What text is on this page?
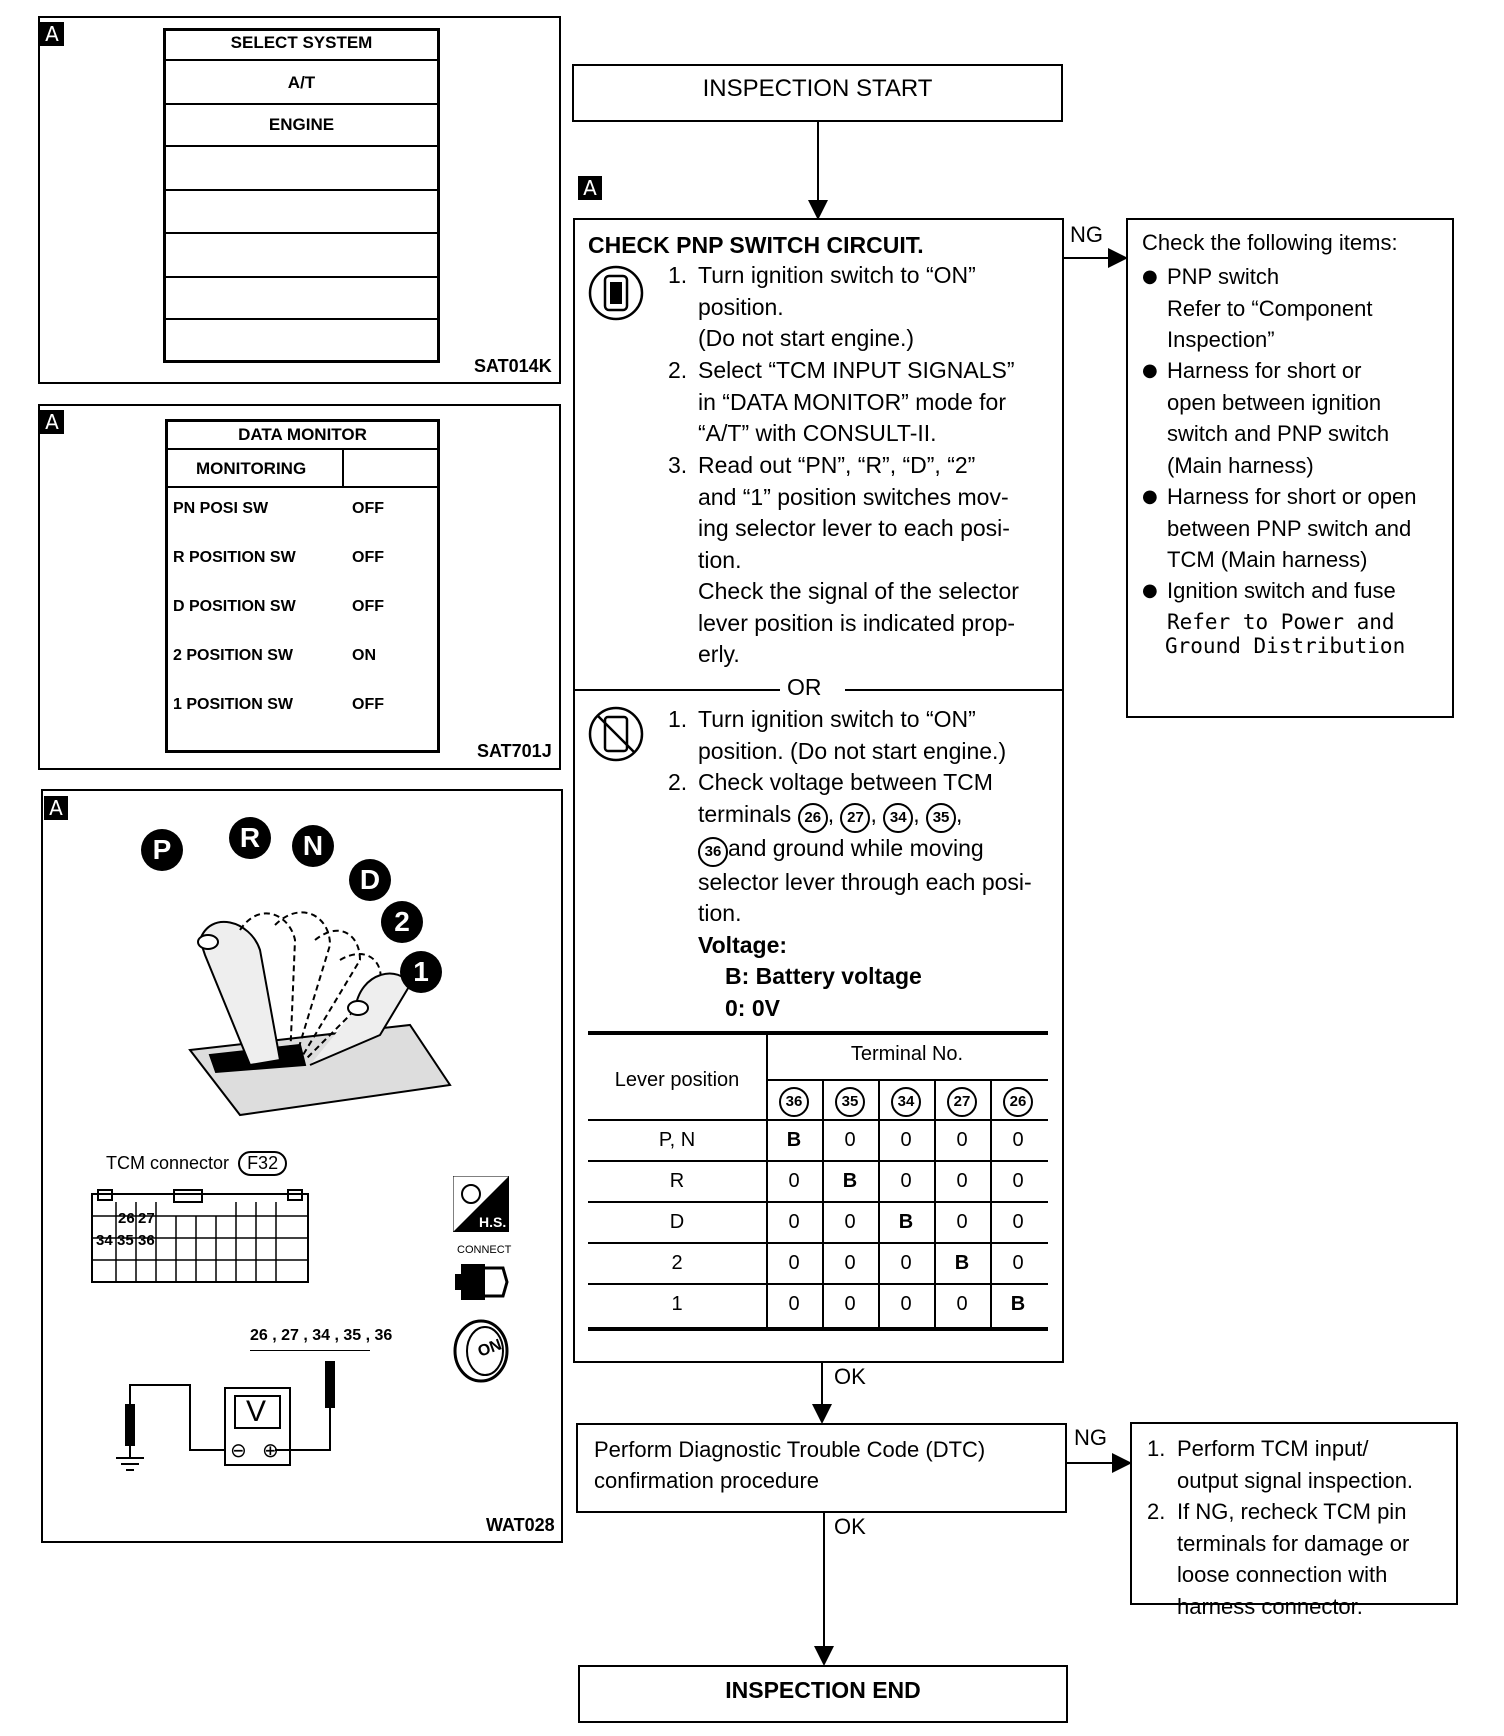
A	SELECT SYSTEM
A/T
ENGINE
SAT014K
A
DATA MONITOR
MONITORING
PN POSI SW	OFF
R POSITION SW	OFF
D POSITION SW	OFF
2 POSITION SW	ON
1 POSITION SW	OFF
SAT701J
A
P	R	N
D
2
1
TCM connector F32
26 27
34 35 36
26 , 27 , 34 , 35 , 36
V
⊖ ⊕
H.S.
CONNECT
ON
WAT028
INSPECTION START
A
CHECK PNP SWITCH CIRCUIT.
1. Turn ignition switch to “ON”
position.
(Do not start engine.)
2. Select “TCM INPUT SIGNALS”
in “DATA MONITOR” mode for
“A/T” with CONSULT-II.
3. Read out “PN”, “R”, “D”, “2”
and “1” position switches mov-
ing selector lever to each posi-
tion.
Check the signal of the selector
lever position is indicated prop-
erly.
OR
1. Turn ignition switch to “ON”
position. (Do not start engine.)
2. Check voltage between TCM
terminals 26 , 27 , 34 , 35 ,
36 and ground while moving
selector lever through each posi-
tion.
Voltage:
B: Battery voltage
0: 0V
Lever position
Terminal No.
36	35	34	27	26
P, N	B	0	0	0	0
R	0	B	0	0	0
D	0	0	B	0	0
2	0	0	0	B	0
1	0	0	0	0	B
NG Check the following items:
● PNP switch
Refer to “Component
Inspection”
● Harness for short or
open between ignition
switch and PNP switch
(Main harness)
● Harness for short or open
between PNP switch and
TCM (Main harness)
● Ignition switch and fuse
Refer to Power and
Ground Distribution
OK
Perform Diagnostic Trouble Code (DTC)
confirmation procedure
NG 1. Perform TCM input/
output signal inspection.
2. If NG, recheck TCM pin
terminals for damage or
loose connection with
harness connector.
OK
INSPECTION END
